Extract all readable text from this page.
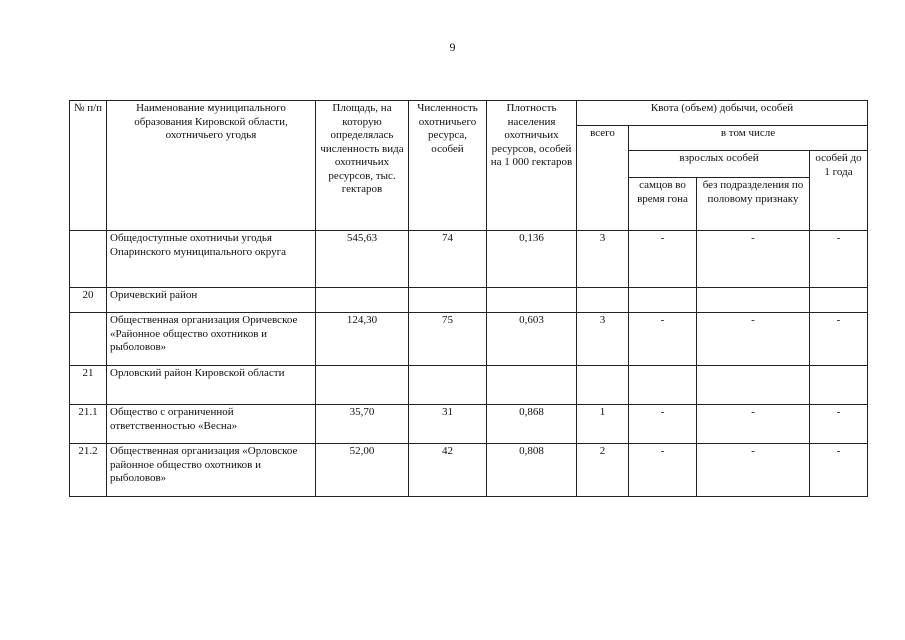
9
№ п/п	Наименование муниципального образования Кировской области, охотничьего угодья	Площадь, на которую определялась численность вида охотничьих ресурсов, тыс. гектаров	Численность охотничьего ресурса, особей	Плотность населения охотничьих ресурсов, особей на 1 000 гектаров	Квота (объем) добычи, особей			
					всего	в том числе		
						взрослых особей		особей до 1 года
						самцов во время гона	без подразделения по половому признаку	
	Общедоступные охотничьи угодья Опаринского муниципального округа	545,63	74	0,136	3	-	-	-
20	Оричевский район							
	Общественная организация Оричевское «Районное общество охотников и рыболовов»	124,30	75	0,603	3	-	-	-
21	Орловский район Кировской области							
21.1	Общество с ограниченной ответственностью «Весна»	35,70	31	0,868	1	-	-	-
21.2	Общественная организация «Орловское районное общество охотников и рыболовов»	52,00	42	0,808	2	-	-	-
